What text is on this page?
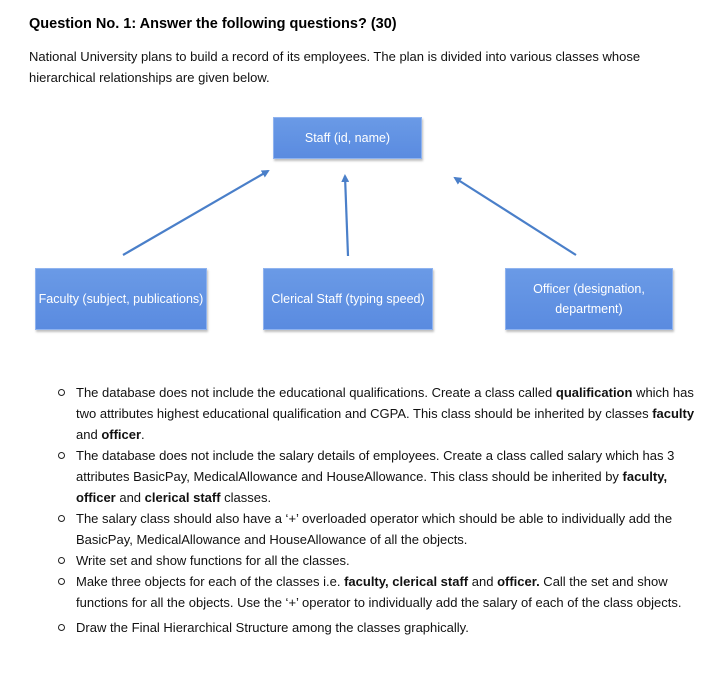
Question No. 1: Answer the following questions? (30)
National University plans to build a record of its employees. The plan is divided into various classes whose hierarchical relationships are given below.
Staff (id, name)
Faculty (subject, publications)	Clerical Staff (typing speed)
Officer (designation, department)
The database does not include the educational qualifications. Create a class called qualification which has two attributes highest educational qualification and CGPA. This class should be inherited by classes faculty and officer.
The database does not include the salary details of employees. Create a class called salary which has 3 attributes BasicPay, MedicalAllowance and HouseAllowance. This class should be inherited by faculty, officer and clerical staff classes.
The salary class should also have a ‘+’ overloaded operator which should be able to individually add the BasicPay, MedicalAllowance and HouseAllowance of all the objects.
Write set and show functions for all the classes.
Make three objects for each of the classes i.e. faculty, clerical staff and officer. Call the set and show functions for all the objects. Use the ‘+’ operator to individually add the salary of each of the class objects.
Draw the Final Hierarchical Structure among the classes graphically.
